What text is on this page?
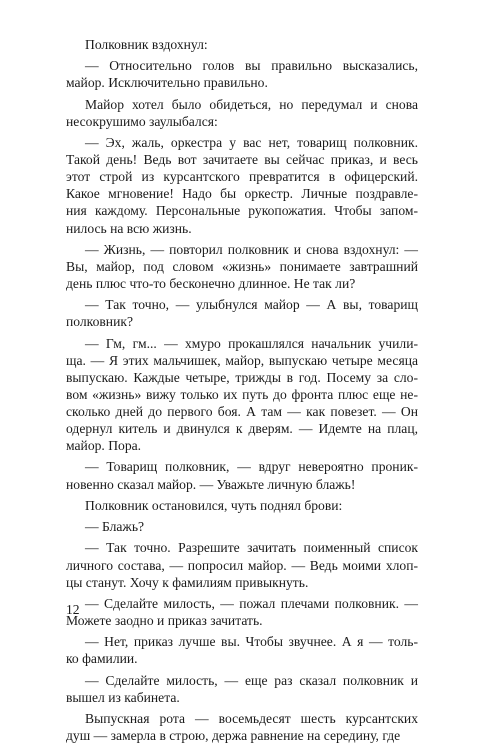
Полковник вздохнул:
— Относительно голов вы правильно высказались,
майор. Исключительно правильно.
Майор хотел было обидеться, но передумал и снова
несокрушимо заулыбался:
— Эх, жаль, оркестра у вас нет, товарищ полковник.
Такой день! Ведь вот зачитаете вы сейчас приказ, и весь
этот строй из курсантского превратится в офицерский.
Какое мгновение! Надо бы оркестр. Личные поздравле-
ния каждому. Персональные рукопожатия. Чтобы запом-
нилось на всю жизнь.
— Жизнь, — повторил полковник и снова вздохнул: —
Вы, майор, под словом «жизнь» понимаете завтрашний
день плюс что-то бесконечно длинное. Не так ли?
— Так точно, — улыбнулся майор — А вы, товарищ
полковник?
— Гм, гм... — хмуро прокашлялся начальник учили-
ща. — Я этих мальчишек, майор, выпускаю четыре месяца
выпускаю. Каждые четыре, трижды в год. Посему за сло-
вом «жизнь» вижу только их путь до фронта плюс еще не-
сколько дней до первого боя. А там — как повезет. — Он
одернул китель и двинулся к дверям. — Идемте на плац,
майор. Пора.
— Товарищ полковник, — вдруг невероятно проник-
новенно сказал майор. — Уважьте личную блажь!
Полковник остановился, чуть поднял брови:
— Блажь?
— Так точно. Разрешите зачитать поименный список
личного состава, — попросил майор. — Ведь моими хлоп-
цы станут. Хочу к фамилиям привыкнуть.
— Сделайте милость, — пожал плечами полковник. —
Можете заодно и приказ зачитать.
— Нет, приказ лучше вы. Чтобы звучнее. А я — толь-
ко фамилии.
— Сделайте милость, — еще раз сказал полковник и
вышел из кабинета.
Выпускная рота — восемьдесят шесть курсантских
душ — замерла в строю, держа равнение на середину, где
12
